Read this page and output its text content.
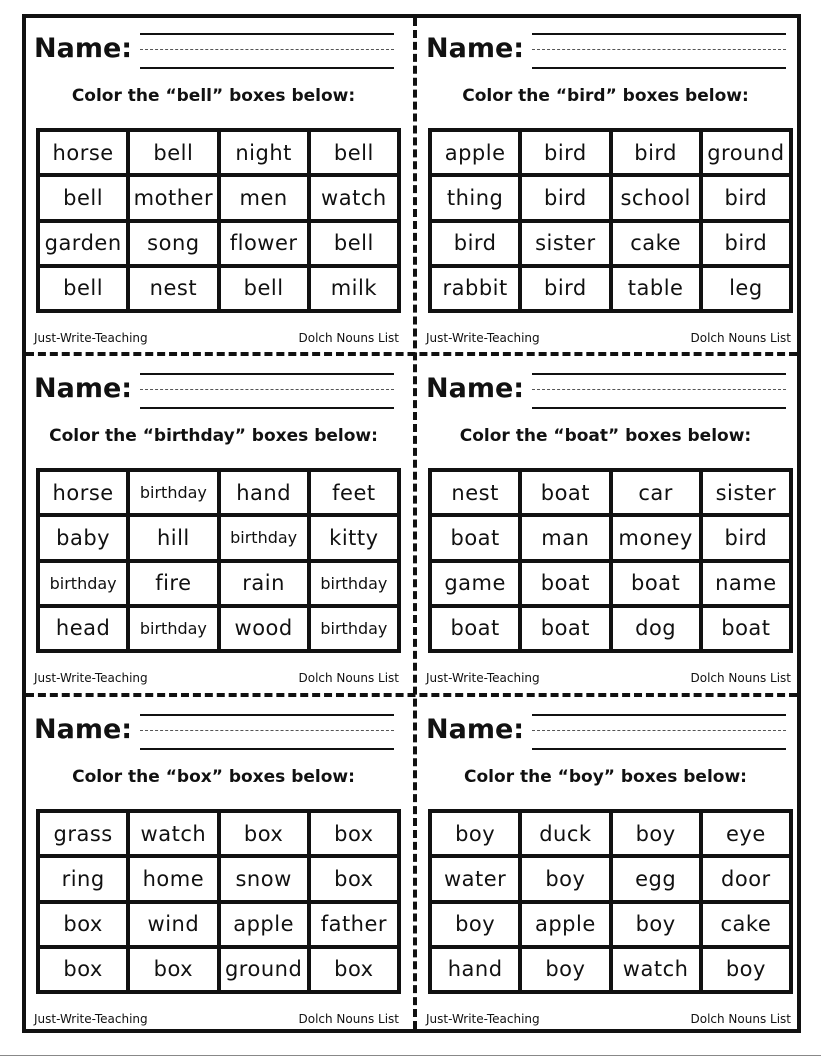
Name:
Color the “bell” boxes below:
horse	bell	night	bell
bell	mother	men	watch
garden	song	flower	bell
bell	nest	bell	milk
Just-Write-Teaching	Dolch Nouns List
Name:
Color the “bird” boxes below:
apple	bird	bird	ground
thing	bird	school	bird
bird	sister	cake	bird
rabbit	bird	table	leg
Just-Write-Teaching	Dolch Nouns List
Name:
Color the “birthday” boxes below:
horse	birthday	hand	feet
baby	hill	birthday	kitty
birthday	fire	rain	birthday
head	birthday	wood	birthday
Just-Write-Teaching	Dolch Nouns List
Name:
Color the “boat” boxes below:
nest	boat	car	sister
boat	man	money	bird
game	boat	boat	name
boat	boat	dog	boat
Just-Write-Teaching	Dolch Nouns List
Name:
Color the “box” boxes below:
grass	watch	box	box
ring	home	snow	box
box	wind	apple	father
box	box	ground	box
Just-Write-Teaching	Dolch Nouns List
Name:
Color the “boy” boxes below:
boy	duck	boy	eye
water	boy	egg	door
boy	apple	boy	cake
hand	boy	watch	boy
Just-Write-Teaching	Dolch Nouns List
